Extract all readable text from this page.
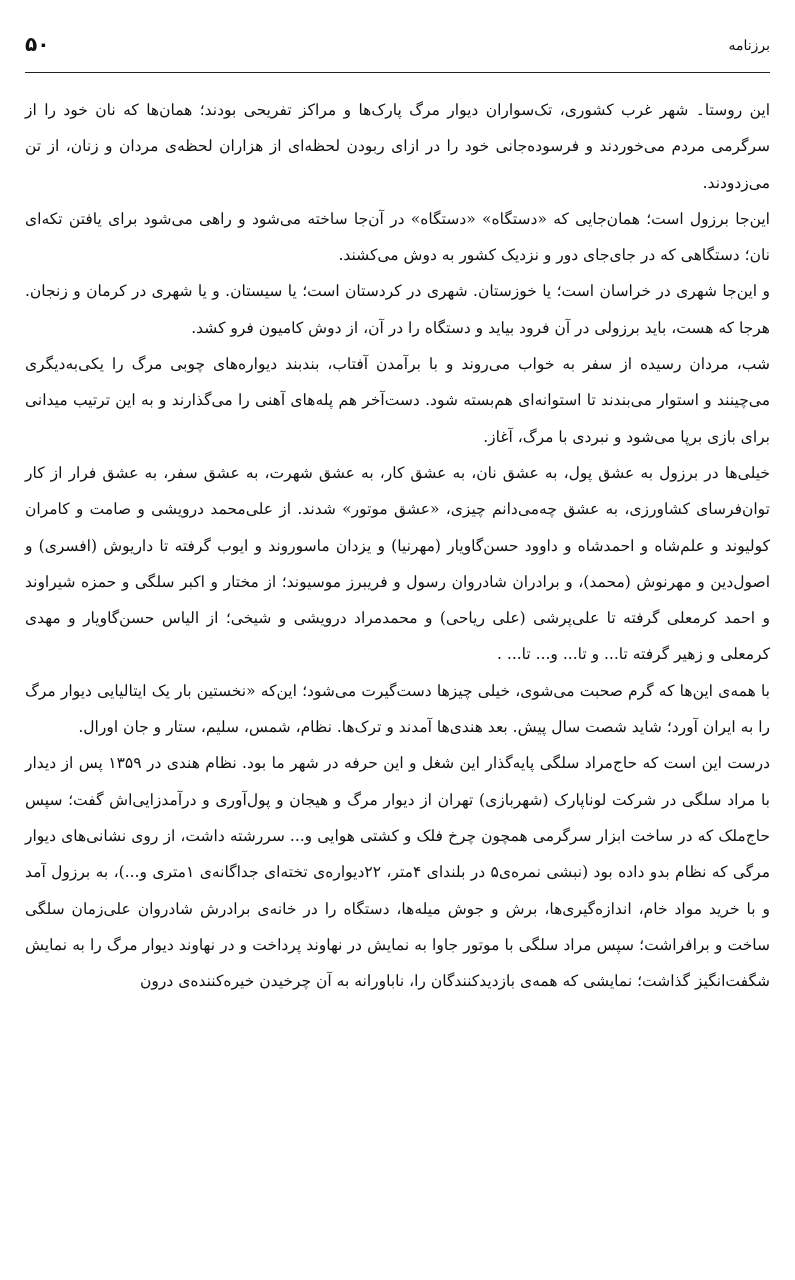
۵۰	برزنامه

این روستا۔ شهر غرب کشوری، تک‌سواران دیوار مرگ پارک‌ها و مراکز تفریحی بودند؛ همان‌ها که نان خود را از سرگرمی مردم می‌خوردند و فرسوده‌جانی خود را در ازای ربودن لحظه‌ای از هزاران لحظه‌ی مردان و زنان، از تن می‌زدودند.

این‌جا برزول است؛ همان‌جایی که «دستگاه» «دستگاه» در آن‌جا ساخته می‌شود و راهی می‌شود برای یافتن تکه‌ای نان؛ دستگاهی که در جای‌جای دور و نزدیک کشور به دوش می‌کشند.

و این‌جا شهری در خراسان است؛ یا خوزستان. شهری در کردستان است؛ یا سیستان. و یا شهری در کرمان و زنجان. هرجا که هست، باید برزولی در آن فرود بیاید و دستگاه را در آن، از دوش کامیون فرو کشد.

شب، مردان رسیده از سفر به خواب می‌روند و با برآمدن آفتاب، بندبند دیواره‌های چوبی مرگ را یکی‌به‌دیگری می‌چینند و استوار می‌بندند تا استوانه‌ای هم‌بسته شود. دست‌آخر هم پله‌های آهنی را می‌گذارند و به این ترتیب میدانی برای بازی برپا می‌شود و نبردی با مرگ، آغاز.

خیلی‌ها در برزول به عشق پول، به عشق نان، به عشق کار، به عشق شهرت، به عشق سفر، به عشق فرار از کار توان‌فرسای کشاورزی، به عشق چه‌می‌دانم چیزی، «عشق موتور» شدند. از علی‌محمد درویشی و صامت و کامران کولیوند و علم‌شاه و احمدشاه و داوود حسن‌گاویار (مهرنیا) و یزدان ماسوروند و ایوب گرفته تا داریوش (افسری) و اصول‌دین و مهرنوش (محمد)، و برادران شادروان رسول و فریبرز موسیوند؛ از مختار و اکبر سلگی و حمزه شیراوند و احمد کرمعلی گرفته تا علی‌پرشی (علی ریاحی) و محمدمراد درویشی و شیخی؛ از الیاس حسن‌گاویار و مهدی کرمعلی و زهیر گرفته تا... و تا... و... تا... .

با همه‌ی این‌ها که گرم صحبت می‌شوی، خیلی چیزها دست‌گیرت می‌شود؛ این‌که «نخستین بار یک ایتالیایی دیوار مرگ را به ایران آورد؛ شاید شصت سال پیش. بعد هندی‌ها آمدند و ترک‌ها. نظام، شمس، سلیم، ستار و جان اورال.

درست این است که حاج‌مراد سلگی پایه‌گذار این شغل و این حرفه در شهر ما بود. نظام هندی در ۱۳۵۹ پس از دیدار با مراد سلگی در شرکت لوناپارک (شهربازی) تهران از دیوار مرگ و هیجان و پول‌آوری و درآمدزایی‌اش گفت؛ سپس حاج‌ملک که در ساخت ابزار سرگرمی همچون چرخ فلک و کشتی هوایی و... سررشته داشت، از روی نشانی‌های دیوار مرگی که نظام بدو داده بود (نبشی نمره‌ی۵ در بلندای ۴متر، ۲۲دیواره‌ی تخته‌ای جداگانه‌ی ۱متری و...)، به برزول آمد و با خرید مواد خام، اندازه‌گیری‌ها، برش و جوش میله‌ها، دستگاه را در خانه‌ی برادرش شادروان علی‌زمان سلگی ساخت و برافراشت؛ سپس مراد سلگی با موتور جاوا به نمایش در نهاوند پرداخت و در نهاوند دیوار مرگ را به نمایش شگفت‌انگیز گذاشت؛ نمایشی که همه‌ی بازدیدکنندگان را، ناباورانه به آن چرخیدن خیره‌کننده‌ی درون
